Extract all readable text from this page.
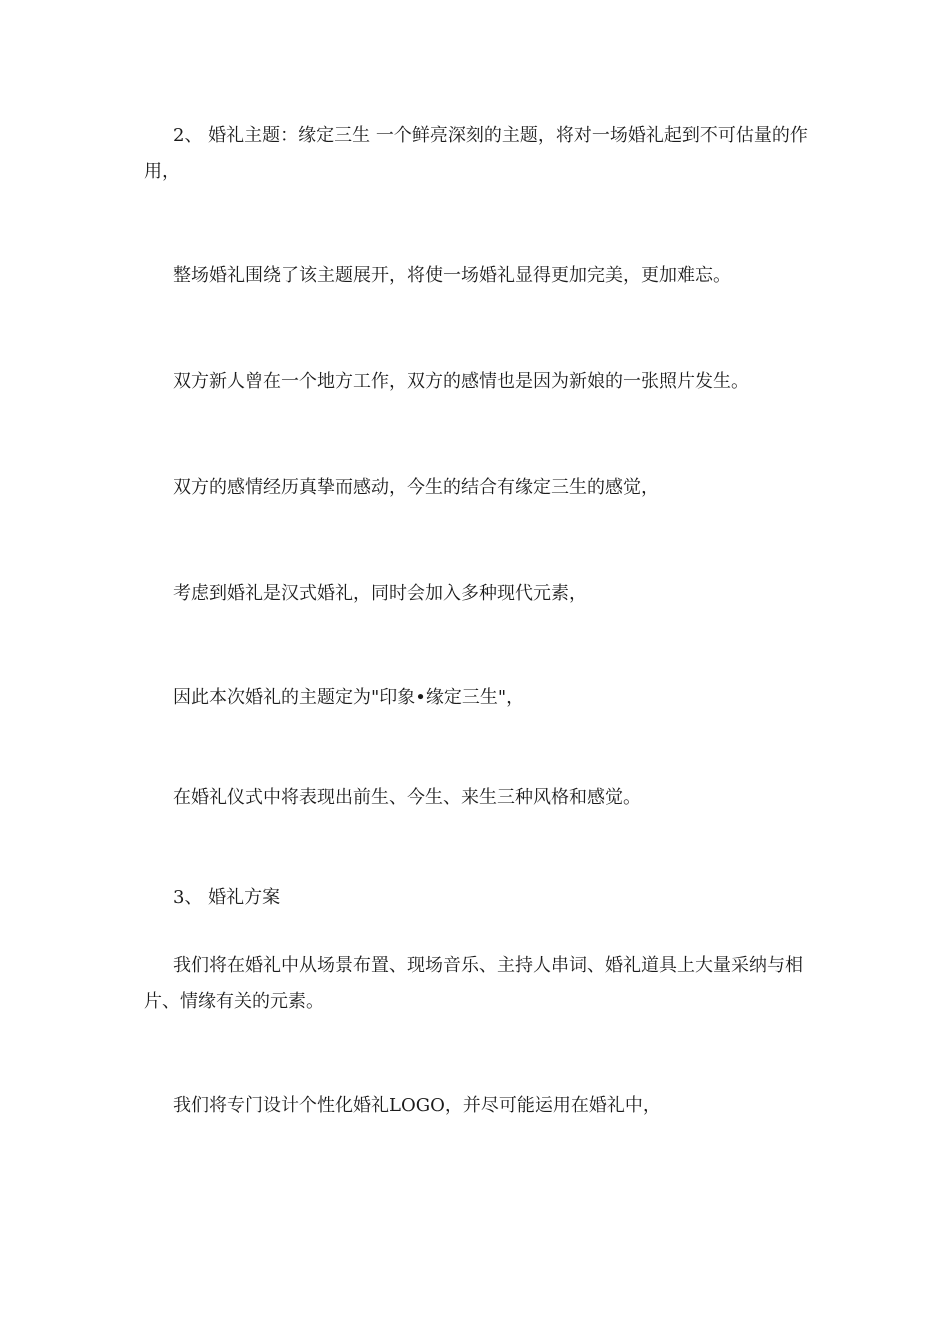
2、 婚礼主题：缘定三生 一个鲜亮深刻的主题，将对一场婚礼起到不可估量的作用，

整场婚礼围绕了该主题展开，将使一场婚礼显得更加完美，更加难忘。

双方新人曾在一个地方工作，双方的感情也是因为新娘的一张照片发生。

双方的感情经历真挚而感动，今生的结合有缘定三生的感觉，

考虑到婚礼是汉式婚礼，同时会加入多种现代元素，

因此本次婚礼的主题定为"印象•缘定三生"，

在婚礼仪式中将表现出前生、今生、来生三种风格和感觉。

3、 婚礼方案

我们将在婚礼中从场景布置、现场音乐、主持人串词、婚礼道具上大量采纳与相片、情缘有关的元素。

我们将专门设计个性化婚礼LOGO，并尽可能运用在婚礼中，
